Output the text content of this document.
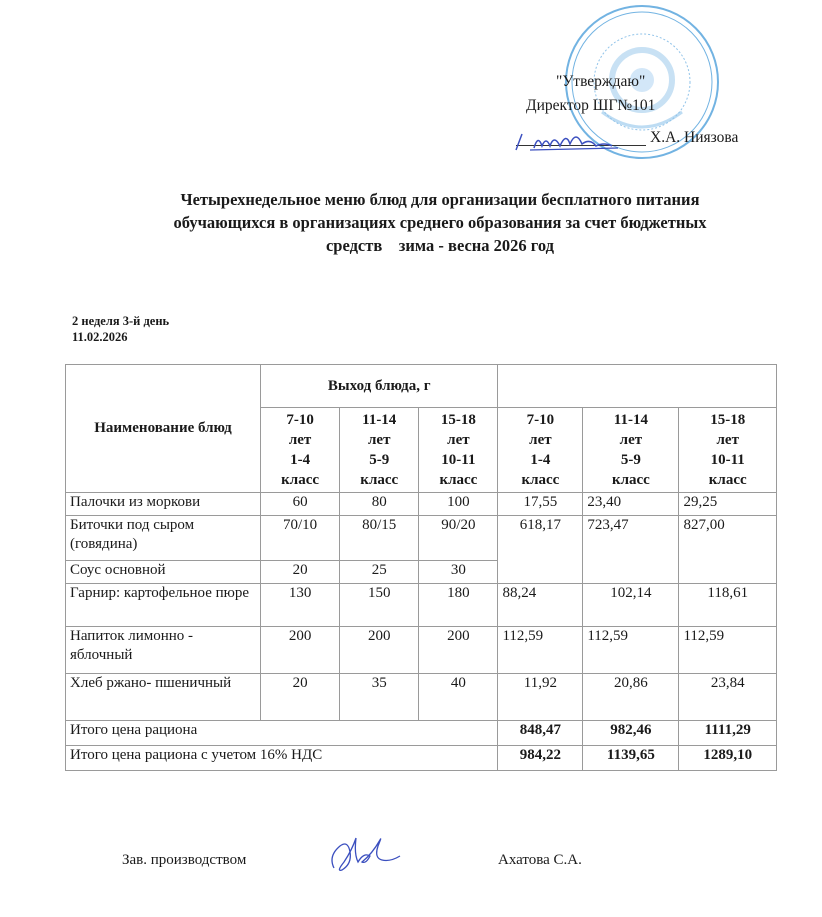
"Утверждаю"
Директор ШГ№101
Х.А. Ниязова
Четырехнедельное меню блюд для организации бесплатного питания
обучающихся в организациях среднего образования за счет бюджетных
средств    зима - весна 2026 год
2 неделя 3-й день
11.02.2026
Наименование блюд	Выход блюда, г					

7-10
лет
1-4
класс

11-14
лет
5-9
класс

15-18
лет
10-11
класс

7-10
лет
1-4
класс

11-14
лет
5-9
класс

15-18
лет
10-11
класс

Палочки из моркови	60	80	100	17,55	23,40	29,25
Биточки под сыром (говядина)	70/10	80/15	90/20	618,17	723,47	827,00
Соус основной	20	25	30			
Гарнир: картофельное пюре	130	150	180	88,24	102,14	118,61
Напиток лимонно - яблочный	200	200	200	112,59	112,59	112,59
Хлеб ржано- пшеничный	20	35	40	11,92	20,86	23,84
Итого цена рациона				848,47	982,46	1111,29
Итого цена рациона с учетом 16% НДС				984,22	1139,65	1289,10
Зав. производством	Ахатова С.А.
